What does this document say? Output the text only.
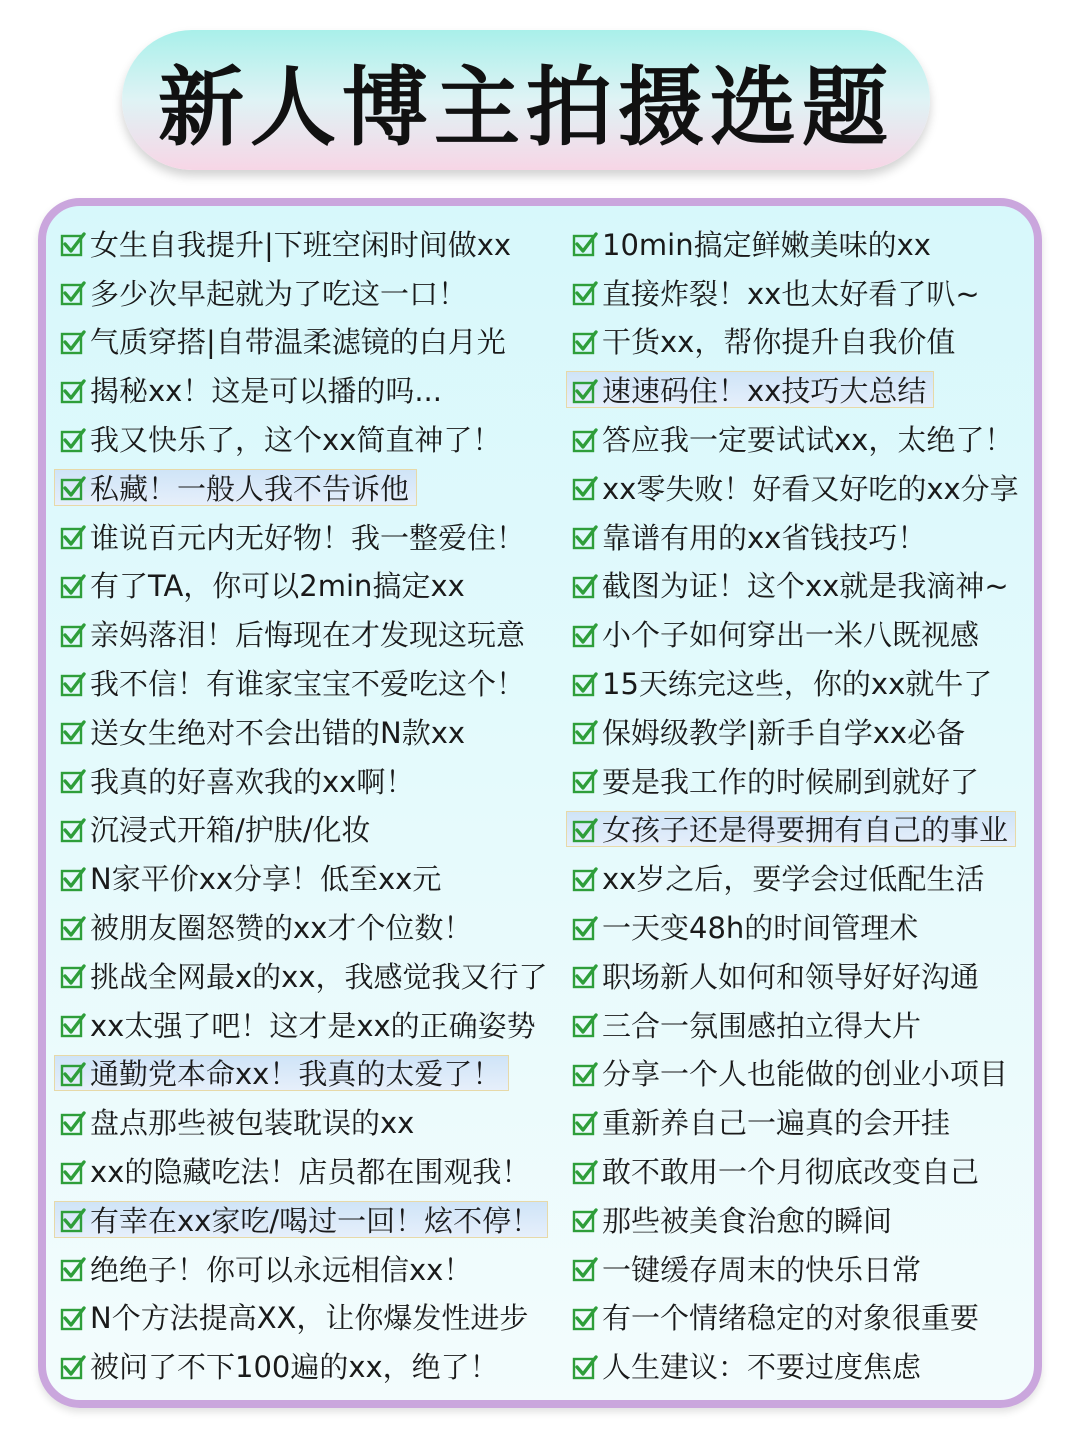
新人博主拍摄选题
女生自我提升|下班空闲时间做xx
多少次早起就为了吃这一口！
气质穿搭|自带温柔滤镜的白月光
揭秘xx！这是可以播的吗...
我又快乐了，这个xx简直神了！
私藏！一般人我不告诉他
谁说百元内无好物！我一整爱住！
有了TA，你可以2min搞定xx
亲妈落泪！后悔现在才发现这玩意
我不信！有谁家宝宝不爱吃这个！
送女生绝对不会出错的N款xx
我真的好喜欢我的xx啊！
沉浸式开箱/护肤/化妆
N家平价xx分享！低至xx元
被朋友圈怒赞的xx才个位数！
挑战全网最x的xx，我感觉我又行了
xx太强了吧！这才是xx的正确姿势
通勤党本命xx！我真的太爱了！
盘点那些被包装耽误的xx
xx的隐藏吃法！店员都在围观我！
有幸在xx家吃/喝过一回！炫不停！
绝绝子！你可以永远相信xx！
N个方法提高XX，让你爆发性进步
被问了不下100遍的xx，绝了！
10min搞定鲜嫩美味的xx
直接炸裂！xx也太好看了叭~
干货xx，帮你提升自我价值
速速码住！xx技巧大总结
答应我一定要试试xx，太绝了！
xx零失败！好看又好吃的xx分享
靠谱有用的xx省钱技巧！
截图为证！这个xx就是我滴神~
小个子如何穿出一米八既视感
15天练完这些，你的xx就牛了
保姆级教学|新手自学xx必备
要是我工作的时候刷到就好了
女孩子还是得要拥有自己的事业
xx岁之后，要学会过低配生活
一天变48h的时间管理术
职场新人如何和领导好好沟通
三合一氛围感拍立得大片
分享一个人也能做的创业小项目
重新养自己一遍真的会开挂
敢不敢用一个月彻底改变自己
那些被美食治愈的瞬间
一键缓存周末的快乐日常
有一个情绪稳定的对象很重要
人生建议：不要过度焦虑
